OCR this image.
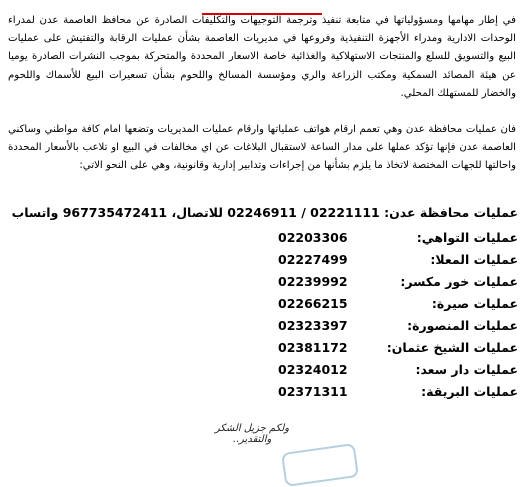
في إطار مهامها ومسؤولياتها في متابعة تنفيذ وترجمة التوجيهات والتكليفات الصادرة عن محافظ العاصمة عدن لمدراء الوحدات الادارية ومدراء الأجهزة التنفيذية وفروعها في مديريات العاصمة بشأن عمليات الرقابة والتفتيش على عمليات البيع والتسويق للسلع والمنتجات الاستهلاكية والغذائية خاصة الاسعار المحددة والمتحركة بموجب النشرات الصادرة يوميا عن هيئة المصائد السمكية ومكتب الزراعة والري ومؤسسة المسالخ واللحوم بشأن تسعيرات البيع للأسماك واللحوم والخضار للمستهلك المحلي.

فان عمليات محافظة عدن وهي تعمم ارقام هواتف عملياتها وارقام عمليات المديريات وتضعها امام كافة مواطني وساكني العاصمة عدن فإنها تؤكد عملها على مدار الساعة لاستقبال البلاغات عن اي مخالفات في البيع او تلاعب بالأسعار المحددة واحالتها للجهات المختصة لاتخاذ ما يلزم بشأنها من إجراءات وتدابير إدارية وقانونية، وهي على النحو الاتي:

عمليات محافظة عدن: 02221111 / 02246911 للاتصال، 967735472411 واتساب
عمليات التواهي:
02203306
عمليات المعلا:
02227499
عمليات خور مكسر:
02239992
عمليات صيرة:
02266215
عمليات المنصورة:
02323397
عمليات الشيخ عثمان:
02381172
عمليات دار سعد:
02324012
عمليات البريقة:
02371311
ولكم جزيل الشكر والتقدير..
